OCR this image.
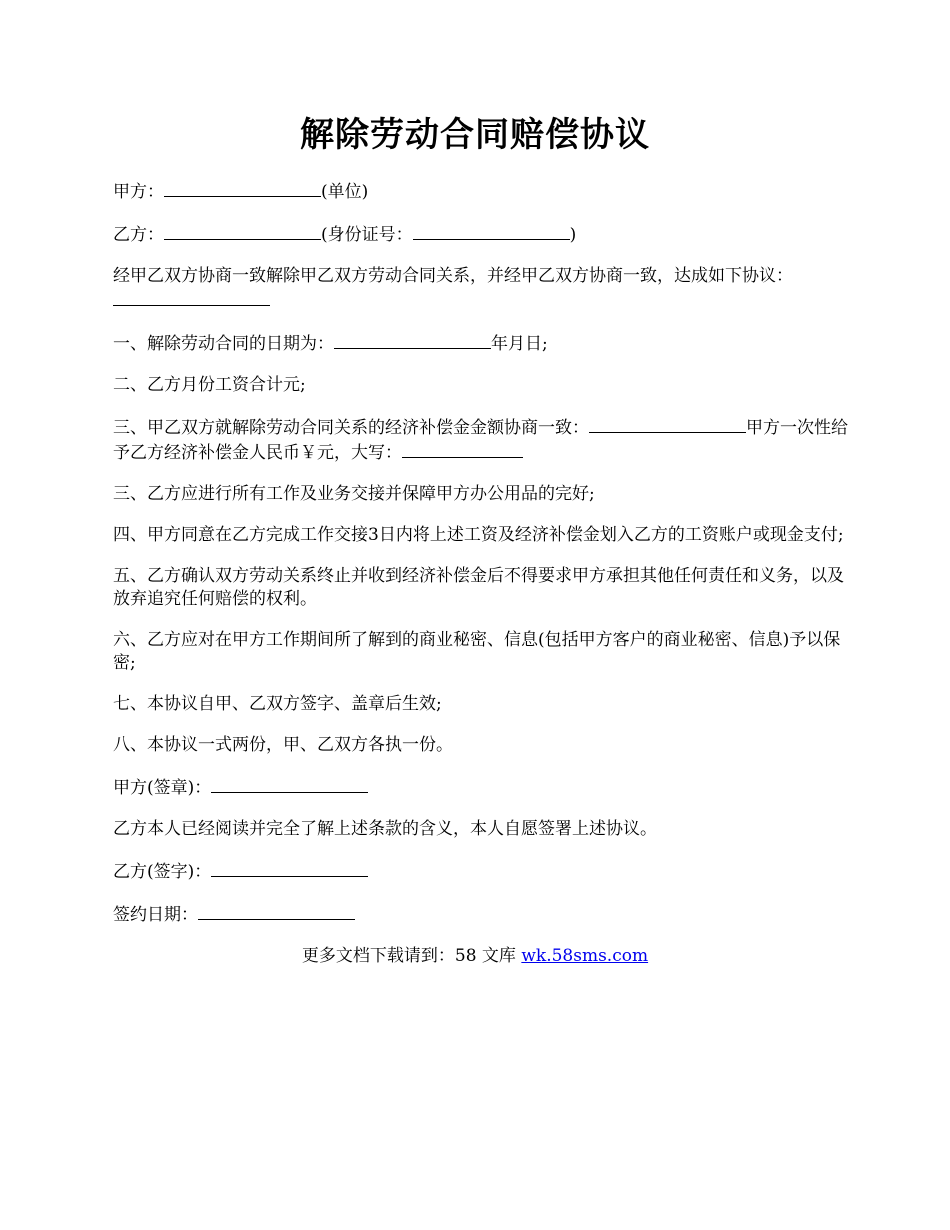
解除劳动合同赔偿协议

甲方：	(单位)

乙方：	(身份证号：	)

经甲乙双方协商一致解除甲乙双方劳动合同关系，并经甲乙双方协商一致，达成如下协议：

一、解除劳动合同的日期为：	年月日;

二、乙方月份工资合计元;

三、甲乙双方就解除劳动合同关系的经济补偿金金额协商一致：	甲方一次性给予乙方经济补偿金人民币￥元，大写：

三、乙方应进行所有工作及业务交接并保障甲方办公用品的完好;

四、甲方同意在乙方完成工作交接3日内将上述工资及经济补偿金划入乙方的工资账户或现金支付;

五、乙方确认双方劳动关系终止并收到经济补偿金后不得要求甲方承担其他任何责任和义务，以及放弃追究任何赔偿的权利。

六、乙方应对在甲方工作期间所了解到的商业秘密、信息(包括甲方客户的商业秘密、信息)予以保密;

七、本协议自甲、乙双方签字、盖章后生效;

八、本协议一式两份，甲、乙双方各执一份。

甲方(签章)：

乙方本人已经阅读并完全了解上述条款的含义，本人自愿签署上述协议。

乙方(签字)：

签约日期：

更多文档下载请到：58 文库 wk.58sms.com
